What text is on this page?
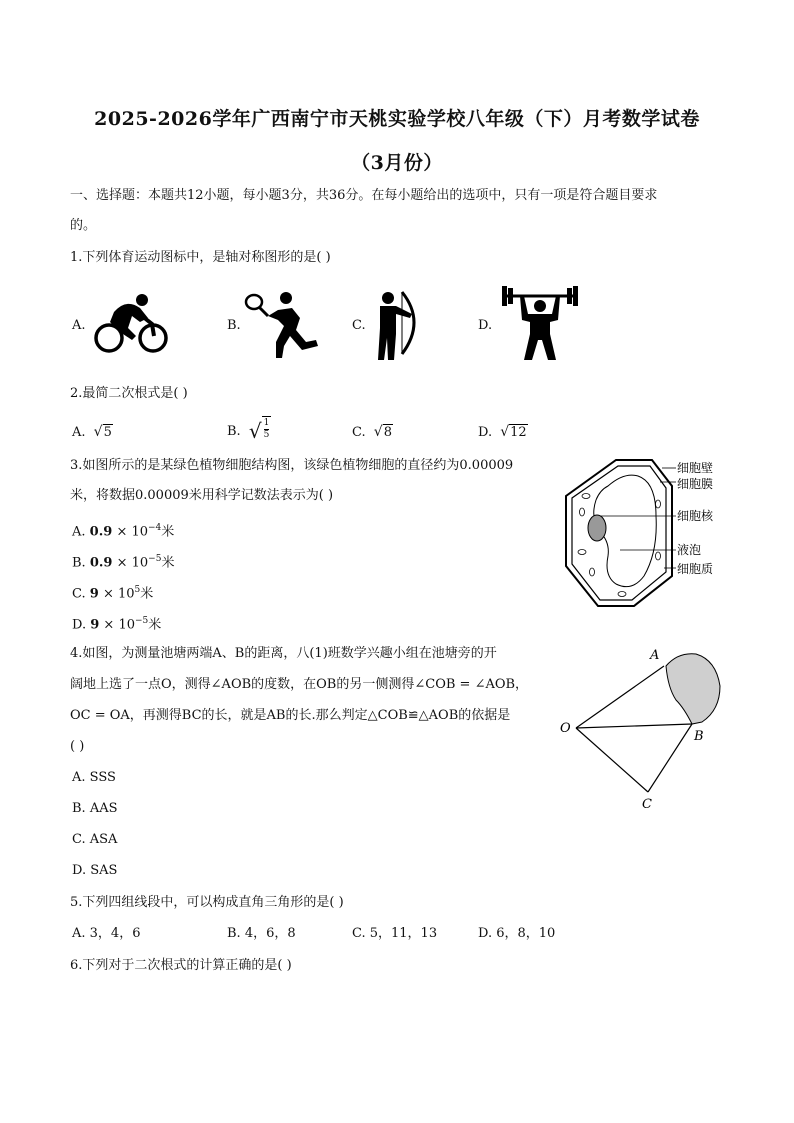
2025-2026学年广西南宁市天桃实验学校八年级（下）月考数学试卷
（3月份）
一、选择题：本题共12小题，每小题3分，共36分。在每小题给出的选项中，只有一项是符合题目要求
的。
1.下列体育运动图标中，是轴对称图形的是( )
A.	B.	C.	D.
2.最简二次根式是( )
A. √5	B. √ $\frac{1}{5}$	C. √8	D. √12
3.如图所示的是某绿色植物细胞结构图，该绿色植物细胞的直径约为0.00009
米，将数据0.00009米用科学记数法表示为( )
A. $0.9 \times 10^{-4}$米
B. $0.9 \times 10^{-5}$米
C. $9 \times 10^5$米
D. $9 \times 10^{-5}$米
细胞壁
细胞膜
细胞核
液泡
细胞质
4.如图，为测量池塘两端A、B的距离，八(1)班数学兴趣小组在池塘旁的开
阔地上选了一点O，测得∠AOB的度数，在OB的另一侧测得∠COB = ∠AOB，
OC = OA，再测得BC的长，就是AB的长.那么判定△COB≌△AOB的依据是
( )
A. SSS
B. AAS
C. ASA
D. SAS
A
O
B
C
5.下列四组线段中，可以构成直角三角形的是( )
A. 3，4，6	B. 4，6，8	C. 5，11，13	D. 6，8，10
6.下列对于二次根式的计算正确的是( )
